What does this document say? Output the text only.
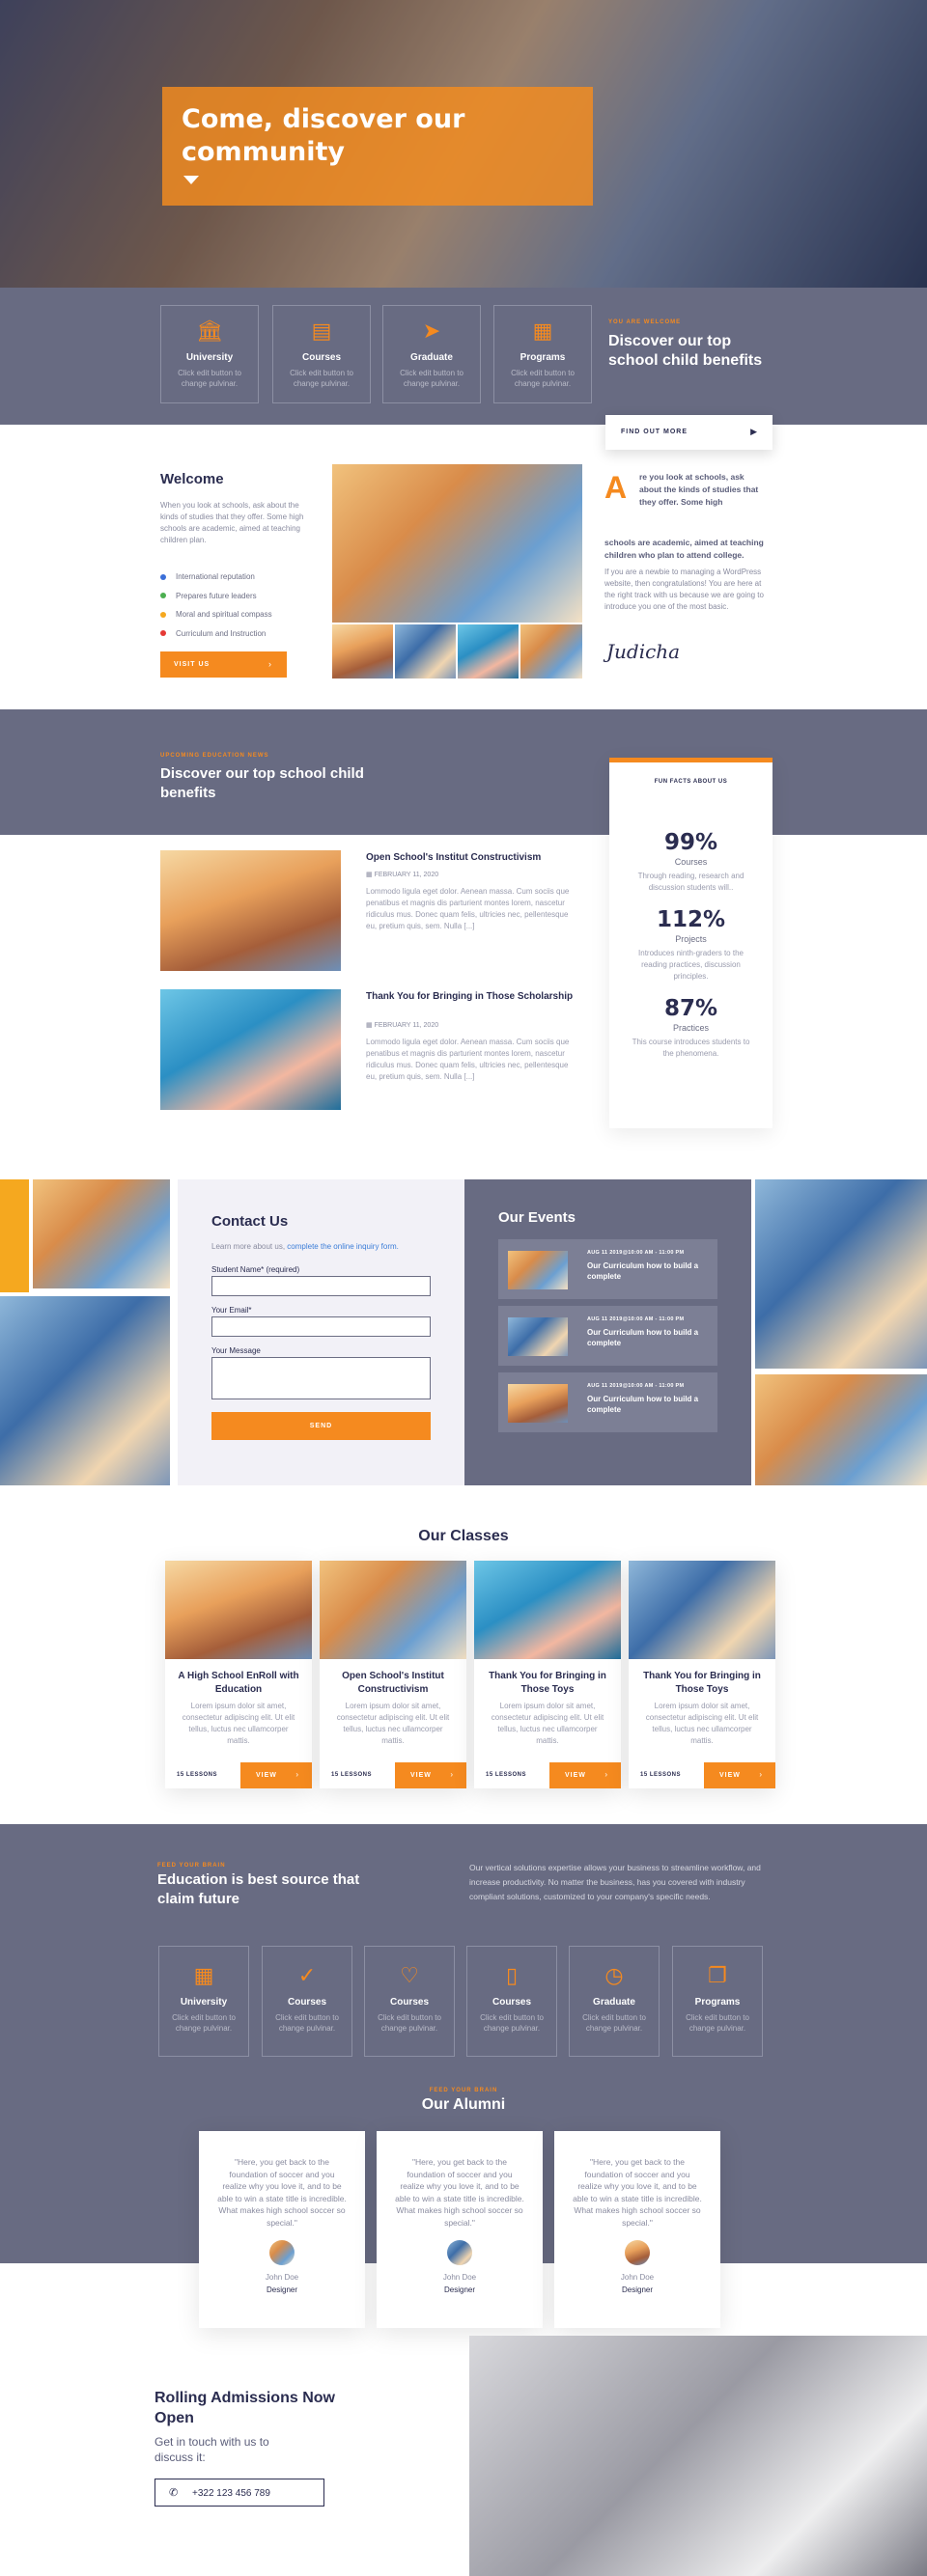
Come, discover our community
🏛
University
Click edit button to change pulvinar.
▤
Courses
Click edit button to change pulvinar.
➤
Graduate
Click edit button to change pulvinar.
▦
Programs
Click edit button to change pulvinar.
YOU ARE WELCOME
Discover our top school child benefits
FIND OUT MORE	▶
Welcome
When you look at schools, ask about the kinds of studies that they offer. Some high schools are academic, aimed at teaching children plan.
International reputation
Prepares future leaders
Moral and spiritual compass
Curriculum and Instruction
VISIT US	›
A re you look at schools, ask about the kinds of studies that they offer. Some high
schools are academic, aimed at teaching children who plan to attend college.
If you are a newbie to managing a WordPress website, then congratulations! You are here at the right track with us because we are going to introduce you one of the most basic.
Judicha
UPCOMING EDUCATION NEWS
Discover our top school child benefits
Open School's Institut Constructivism
▦ FEBRUARY 11, 2020
Lommodo ligula eget dolor. Aenean massa. Cum sociis que penatibus et magnis dis parturient montes lorem, nascetur ridiculus mus. Donec quam felis, ultricies nec, pellentesque eu, pretium quis, sem. Nulla [...]
Thank You for Bringing in Those Scholarship
▦ FEBRUARY 11, 2020
Lommodo ligula eget dolor. Aenean massa. Cum sociis que penatibus et magnis dis parturient montes lorem, nascetur ridiculus mus. Donec quam felis, ultricies nec, pellentesque eu, pretium quis, sem. Nulla [...]
FUN FACTS ABOUT US
99%
Courses
Through reading, research and discussion students will..
112%
Projects
Introduces ninth-graders to the reading practices, discussion principles.
87%
Practices
This course introduces students to the phenomena.
Contact Us
Learn more about us, complete the online inquiry form.
Student Name* (required)
Your Email*
Your Message
SEND
Our Events
AUG 11 2019@10:00 AM - 11:00 PM
Our Curriculum how to build a complete
AUG 11 2019@10:00 AM - 11:00 PM
Our Curriculum how to build a complete
AUG 11 2019@10:00 AM - 11:00 PM
Our Curriculum how to build a complete
Our Classes
A High School EnRoll with Education
Lorem ipsum dolor sit amet, consectetur adipiscing elit. Ut elit tellus, luctus nec ullamcorper mattis.
15 LESSONS	VIEW ›
Open School's Institut Constructivism
Lorem ipsum dolor sit amet, consectetur adipiscing elit. Ut elit tellus, luctus nec ullamcorper mattis.
15 LESSONS	VIEW ›
Thank You for Bringing in Those Toys
Lorem ipsum dolor sit amet, consectetur adipiscing elit. Ut elit tellus, luctus nec ullamcorper mattis.
15 LESSONS	VIEW ›
Thank You for Bringing in Those Toys
Lorem ipsum dolor sit amet, consectetur adipiscing elit. Ut elit tellus, luctus nec ullamcorper mattis.
15 LESSONS	VIEW ›
FEED YOUR BRAIN
Education is best source that claim future
Our vertical solutions expertise allows your business to streamline workflow, and increase productivity. No matter the business, has you covered with industry compliant solutions, customized to your company's specific needs.
▦
University
Click edit button to change pulvinar.
✓
Courses
Click edit button to change pulvinar.
♡
Courses
Click edit button to change pulvinar.
▯
Courses
Click edit button to change pulvinar.
◷
Graduate
Click edit button to change pulvinar.
❐
Programs
Click edit button to change pulvinar.
FEED YOUR BRAIN
Our Alumni
"Here, you get back to the foundation of soccer and you realize why you love it, and to be able to win a state title is incredible. What makes high school soccer so special."
John Doe
Designer
"Here, you get back to the foundation of soccer and you realize why you love it, and to be able to win a state title is incredible. What makes high school soccer so special."
John Doe
Designer
"Here, you get back to the foundation of soccer and you realize why you love it, and to be able to win a state title is incredible. What makes high school soccer so special."
John Doe
Designer
Rolling Admissions Now Open
Get in touch with us to discuss it:
✆ +322 123 456 789
